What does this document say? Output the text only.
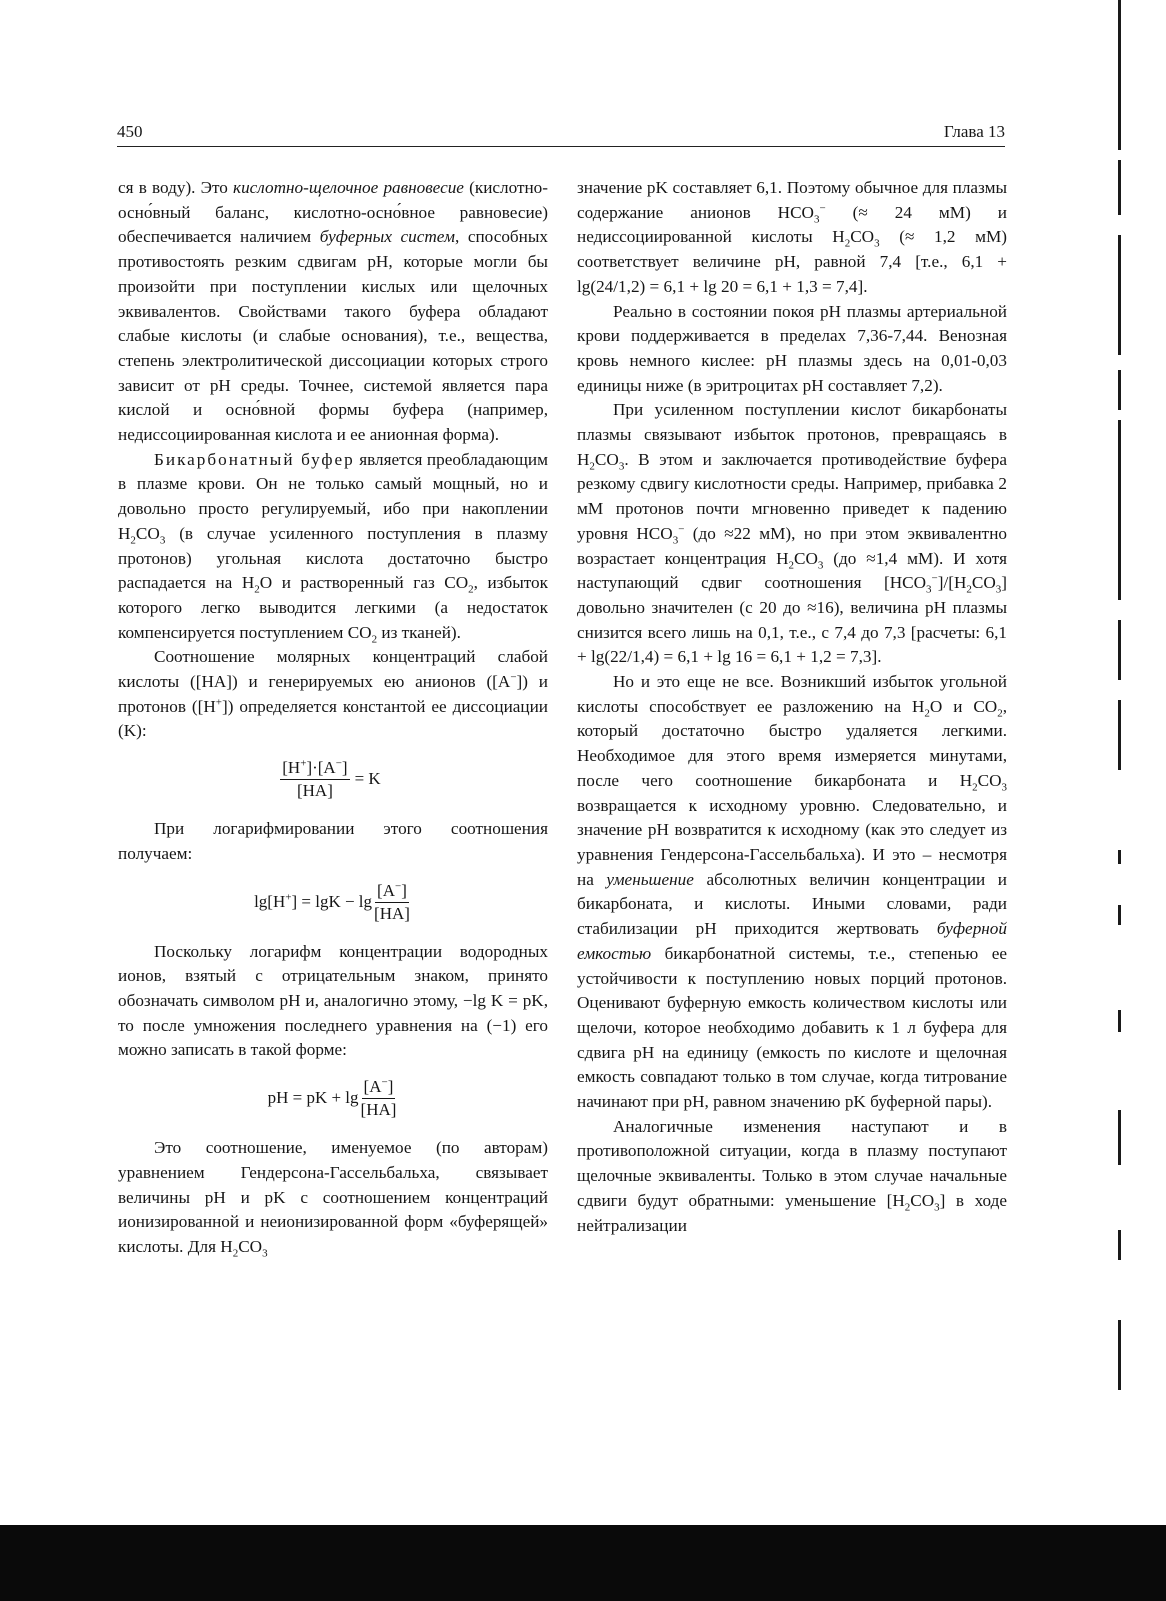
450	Глава 13

ся в воду). Это кислотно-щелочное равновесие (кислотно-осно́вный баланс, кислотно-осно́вное равновесие) обеспечивается наличием буферных систем, способных противостоять резким сдвигам pH, которые могли бы произойти при поступлении кислых или щелочных эквивалентов. Свойствами такого буфера обладают слабые кислоты (и слабые основания), т.е., вещества, степень электролитической диссоциации которых строго зависит от pH среды. Точнее, системой является пара кислой и осно́вной формы буфера (например, недиссоциированная кислота и ее анионная форма).

Бикарбонатный буфер является преобладающим в плазме крови. Он не только самый мощный, но и довольно просто регулируемый, ибо при накоплении $H_2CO_3$ (в случае усиленного поступления в плазму протонов) угольная кислота достаточно быстро распадается на $H_2O$ и растворенный газ $CO_2$, избыток которого легко выводится легкими (а недостаток компенсируется поступлением $CO_2$ из тканей).

Соотношение молярных концентраций слабой кислоты ([HA]) и генерируемых ею анионов ([A−]) и протонов ([H+]) определяется константой ее диссоциации (K):

$\frac{[H^+]\cdot[A^-]}{[HA]} = K$

При логарифмировании этого соотношения получаем:

$\lg[H^+] = \lg K - \lg \frac{[A^-]}{[HA]}$

Поскольку логарифм концентрации водородных ионов, взятый с отрицательным знаком, принято обозначать символом pH и, аналогично этому, −lg K = pK, то после умножения последнего уравнения на (−1) его можно записать в такой форме:

pH = pK + $\lg \frac{[A^-]}{[HA]}$

Это соотношение, именуемое (по авторам) уравнением Гендерсона-Гассельбальха, связывает величины pH и pK с соотношением концентраций ионизированной и неионизированной форм «буферящей» кислоты. Для $H_2CO_3$

значение pK составляет 6,1. Поэтому обычное для плазмы содержание анионов $HCO_3^-$ (≈ 24 мМ) и недиссоциированной кислоты $H_2CO_3$ (≈ 1,2 мМ) соответствует величине pH, равной 7,4 [т.е., 6,1 + lg(24/1,2) = 6,1 + lg 20 = 6,1 + 1,3 = 7,4].

Реально в состоянии покоя pH плазмы артериальной крови поддерживается в пределах 7,36-7,44. Венозная кровь немного кислее: pH плазмы здесь на 0,01-0,03 единицы ниже (в эритроцитах pH составляет 7,2).

При усиленном поступлении кислот бикарбонаты плазмы связывают избыток протонов, превращаясь в $H_2CO_3$. В этом и заключается противодействие буфера резкому сдвигу кислотности среды. Например, прибавка 2 мМ протонов почти мгновенно приведет к падению уровня $HCO_3^-$ (до ≈22 мМ), но при этом эквивалентно возрастает концентрация $H_2CO_3$ (до ≈1,4 мМ). И хотя наступающий сдвиг соотношения $[HCO_3^-]/[H_2CO_3]$ довольно значителен (с 20 до ≈16), величина pH плазмы снизится всего лишь на 0,1, т.е., с 7,4 до 7,3 [расчеты: 6,1 + lg(22/1,4) = 6,1 + lg 16 = 6,1 + 1,2 = 7,3].

Но и это еще не все. Возникший избыток угольной кислоты способствует ее разложению на $H_2O$ и $CO_2$, который достаточно быстро удаляется легкими. Необходимое для этого время измеряется минутами, после чего соотношение бикарбоната и $H_2CO_3$ возвращается к исходному уровню. Следовательно, и значение pH возвратится к исходному (как это следует из уравнения Гендерсона-Гассельбальха). И это – несмотря на уменьшение абсолютных величин концентрации и бикарбоната, и кислоты. Иными словами, ради стабилизации pH приходится жертвовать буферной емкостью бикарбонатной системы, т.е., степенью ее устойчивости к поступлению новых порций протонов. Оценивают буферную емкость количеством кислоты или щелочи, которое необходимо добавить к 1 л буфера для сдвига pH на единицу (емкость по кислоте и щелочная емкость совпадают только в том случае, когда титрование начинают при pH, равном значению pK буферной пары).

Аналогичные изменения наступают и в противоположной ситуации, когда в плазму поступают щелочные эквиваленты. Только в этом случае начальные сдвиги будут обратными: уменьшение $[H_2CO_3]$ в ходе нейтрализации
